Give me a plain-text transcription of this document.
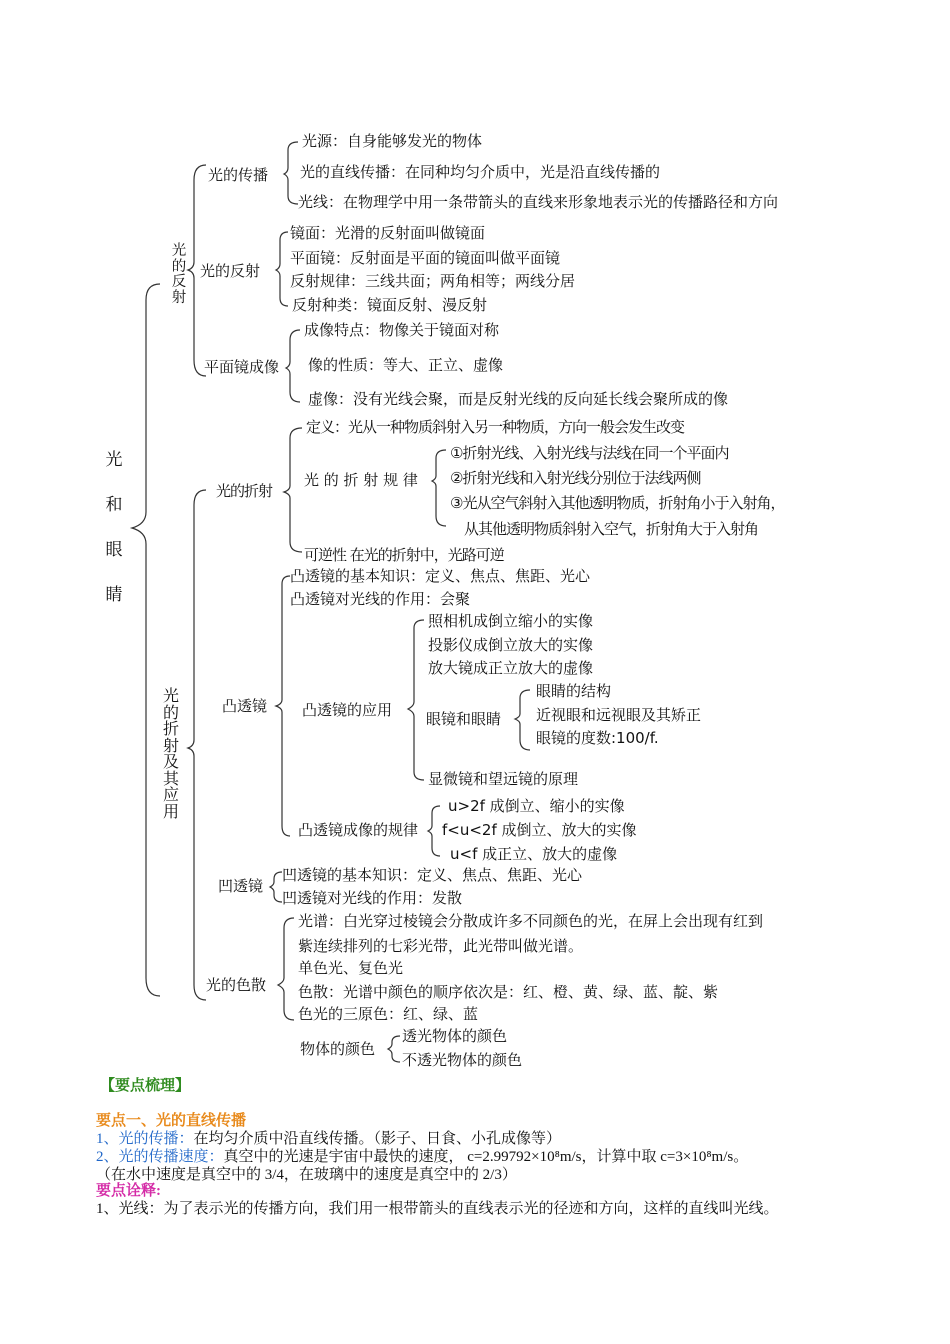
光
和
眼
睛
光
的
反
射
光
的
折
射
及
其
应
用
光的传播
光源：自身能够发光的物体
光的直线传播：在同种均匀介质中，光是沿直线传播的
光线：在物理学中用一条带箭头的直线来形象地表示光的传播路径和方向
光的反射
镜面：光滑的反射面叫做镜面
平面镜：反射面是平面的镜面叫做平面镜
反射规律：三线共面；两角相等；两线分居
反射种类：镜面反射、漫反射
平面镜成像
成像特点：物像关于镜面对称
像的性质：等大、正立、虚像
虚像：没有光线会聚，而是反射光线的反向延长线会聚所成的像
光的折射
定义：光从一种物质斜射入另一种物质，方向一般会发生改变
光 的 折 射 规 律
①折射光线、入射光线与法线在同一个平面内
②折射光线和入射光线分别位于法线两侧
③光从空气斜射入其他透明物质，折射角小于入射角，
从其他透明物质斜射入空气，折射角大于入射角
可逆性 在光的折射中，光路可逆
凸透镜
凸透镜的基本知识：定义、焦点、焦距、光心
凸透镜对光线的作用：会聚
凸透镜的应用
照相机成倒立缩小的实像
投影仪成倒立放大的实像
放大镜成正立放大的虚像
眼镜和眼睛
眼睛的结构
近视眼和远视眼及其矫正
眼镜的度数:100/f.
显微镜和望远镜的原理
凸透镜成像的规律
u>2f 成倒立、缩小的实像
f<u<2f 成倒立、放大的实像
u<f 成正立、放大的虚像
凹透镜
凹透镜的基本知识：定义、焦点、焦距、光心
凹透镜对光线的作用：发散
光的色散
光谱：白光穿过棱镜会分散成许多不同颜色的光，在屏上会出现有红到
紫连续排列的七彩光带，此光带叫做光谱。
单色光、复色光
色散：光谱中颜色的顺序依次是：红、橙、黄、绿、蓝、靛、紫
色光的三原色：红、绿、蓝
物体的颜色
透光物体的颜色
不透光物体的颜色
【要点梳理】
要点一、光的直线传播
1、光的传播：在均匀介质中沿直线传播。（影子、日食、小孔成像等）
2、光的传播速度：真空中的光速是宇宙中最快的速度， c=2.99792×10⁸m/s，计算中取 c=3×10⁸m/s。
（在水中速度是真空中的 3/4，在玻璃中的速度是真空中的 2/3）
要点诠释:
1、光线：为了表示光的传播方向，我们用一根带箭头的直线表示光的径迹和方向，这样的直线叫光线。
